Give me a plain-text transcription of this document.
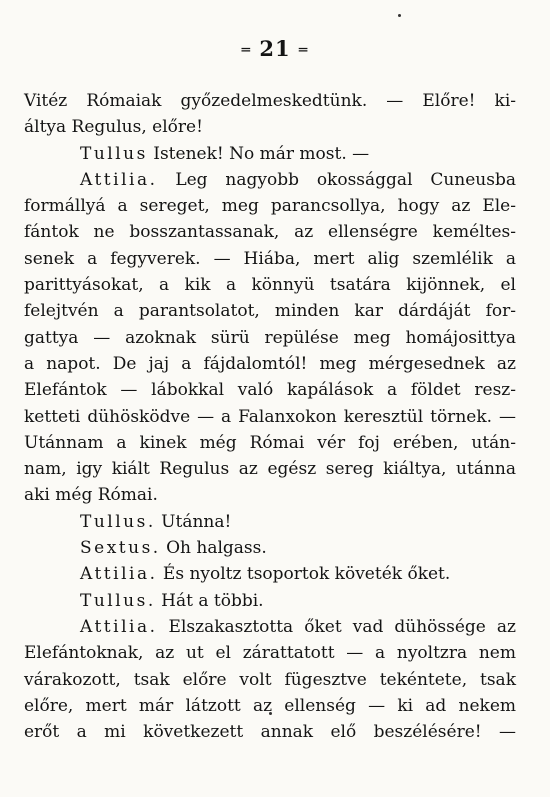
═ 21 ═
Vitéz Rómaiak győzedelmeskedtünk. — Előre! ki-
áltya Regulus, előre!
Tullus Istenek! No már most. —
Attilia. Leg nagyobb okossággal Cuneusba
formállyá a sereget, meg parancsollya, hogy az Ele-
fántok ne bosszantassanak, az ellenségre keméltes-
senek a fegyverek. — Hiába, mert alig szemlélik a
parittyásokat, a kik a könnyü tsatára kijönnek, el
felejtvén a parantsolatot, minden kar dárdáját for-
gattya — azoknak sürü repülése meg homájosittya
a napot. De jaj a fájdalomtól! meg mérgesednek az
Elefántok — lábokkal való kapálások a földet resz-
ketteti dühösködve — a Falanxokon keresztül törnek. —
Utánnam a kinek még Római vér foj erében, után-
nam, igy kiált Regulus az egész sereg kiáltya, utánna
aki még Római.
Tullus. Utánna!
Sextus. Oh halgass.
Attilia. És nyoltz tsoportok követék őket.
Tullus. Hát a többi.
Attilia. Elszakasztotta őket vad dühössége az
Elefántoknak, az ut el zárattatott — a nyoltzra nem
várakozott, tsak előre volt fügesztve tekéntete, tsak
előre, mert már látzott az ellenség — ki ad nekem
erőt a mi következett annak elő beszélésére! —
